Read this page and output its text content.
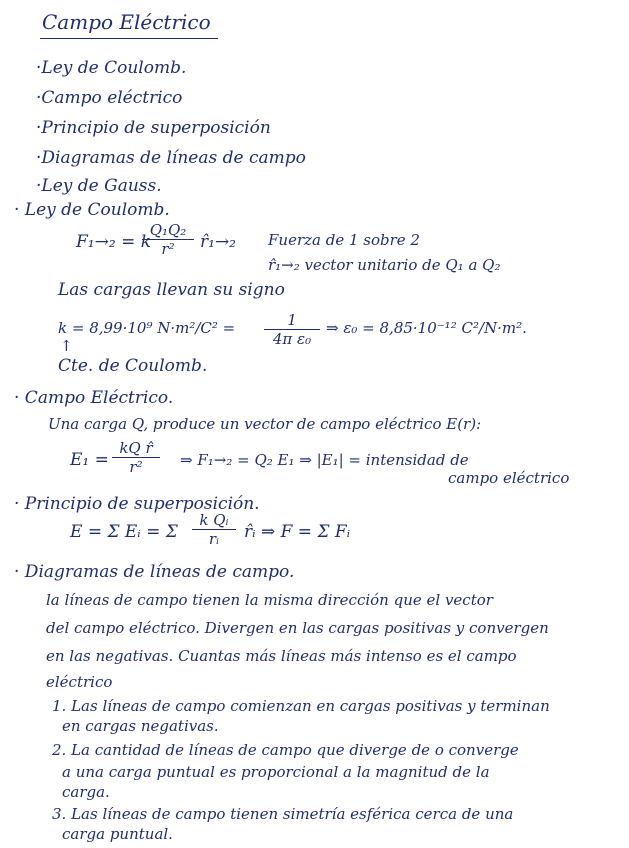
Campo Eléctrico
·Ley de Coulomb.
·Campo eléctrico
·Principio de superposición
·Diagramas de líneas de campo
·Ley de Gauss.
· Ley de Coulomb.
F₁→₂ = k
Q₁Q₂
r²	r̂₁→₂ Fuerza de 1 sobre 2
r̂₁→₂ vector unitario de Q₁ a Q₂
Las cargas llevan su signo
k = 8,99·10⁹ N·m²/C² =	1
4π ε₀
⇒ ε₀ = 8,85·10⁻¹² C²/N·m².
↑
Cte. de Coulomb.
· Campo Eléctrico.
Una carga Q, produce un vector de campo eléctrico E(r):
E₁ =
kQ r̂
r²	⇒ F₁→₂ = Q₂ E₁ ⇒ |E₁| = intensidad de
campo eléctrico
· Principio de superposición.
E = Σ Eᵢ = Σ
k Qᵢ
rᵢ	r̂ᵢ ⇒ F = Σ Fᵢ
· Diagramas de líneas de campo.
la líneas de campo tienen la misma dirección que el vector
del campo eléctrico. Divergen en las cargas positivas y convergen
en las negativas. Cuantas más líneas más intenso es el campo
eléctrico
1. Las líneas de campo comienzan en cargas positivas y terminan
en cargas negativas.
2. La cantidad de líneas de campo que diverge de o converge
a una carga puntual es proporcional a la magnitud de la
carga.
3. Las líneas de campo tienen simetría esférica cerca de una
carga puntual.
